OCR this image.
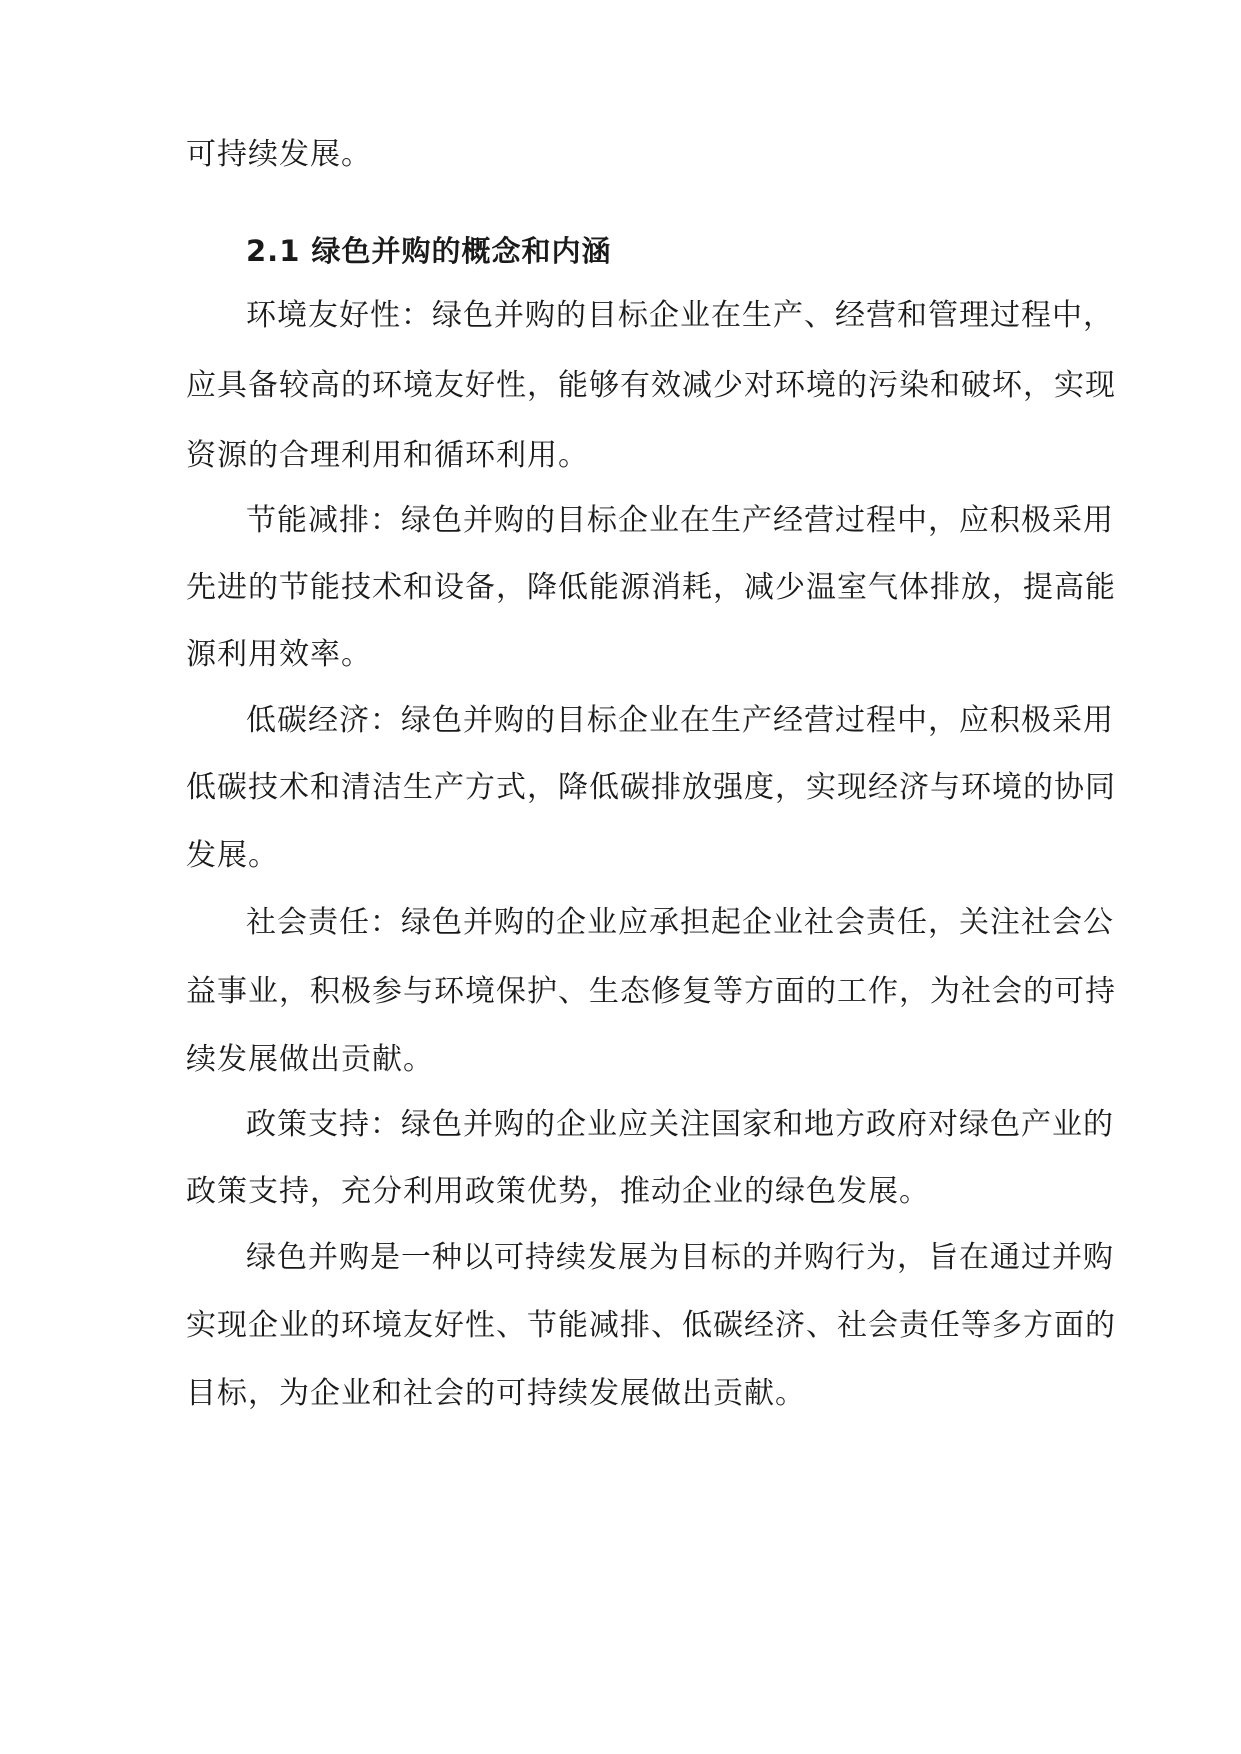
可持续发展。
2.1 绿色并购的概念和内涵
环境友好性：绿色并购的目标企业在生产、经营和管理过程中，
应具备较高的环境友好性，能够有效减少对环境的污染和破坏，实现
资源的合理利用和循环利用。
节能减排：绿色并购的目标企业在生产经营过程中，应积极采用
先进的节能技术和设备，降低能源消耗，减少温室气体排放，提高能
源利用效率。
低碳经济：绿色并购的目标企业在生产经营过程中，应积极采用
低碳技术和清洁生产方式，降低碳排放强度，实现经济与环境的协同
发展。
社会责任：绿色并购的企业应承担起企业社会责任，关注社会公
益事业，积极参与环境保护、生态修复等方面的工作，为社会的可持
续发展做出贡献。
政策支持：绿色并购的企业应关注国家和地方政府对绿色产业的
政策支持，充分利用政策优势，推动企业的绿色发展。
绿色并购是一种以可持续发展为目标的并购行为，旨在通过并购
实现企业的环境友好性、节能减排、低碳经济、社会责任等多方面的
目标，为企业和社会的可持续发展做出贡献。
